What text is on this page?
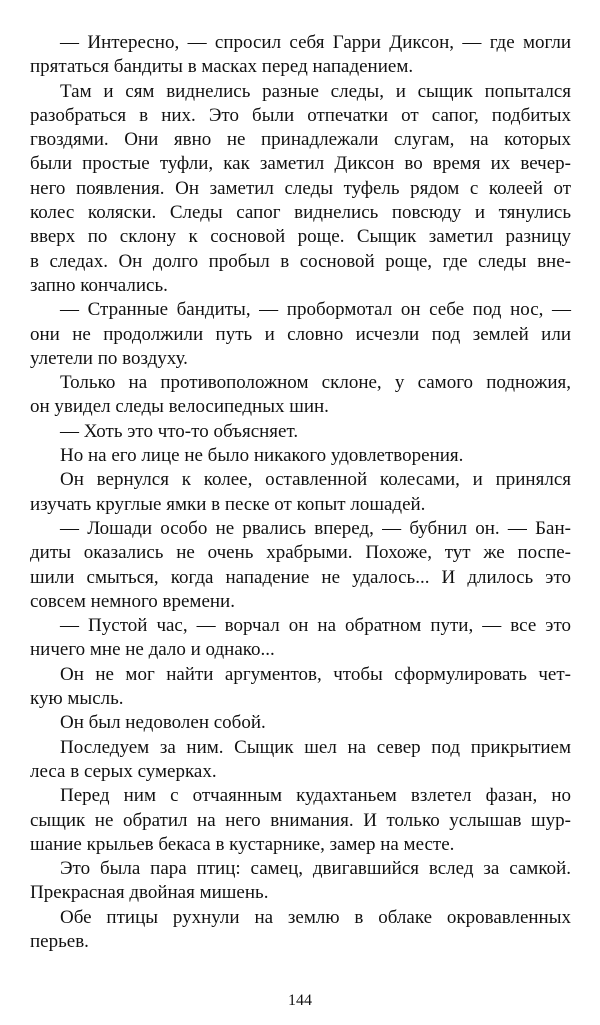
— Интересно, — спросил себя Гарри Диксон, — где могли
прятаться бандиты в масках перед нападением.

Там и сям виднелись разные следы, и сыщик попытался
разобраться в них. Это были отпечатки от сапог, подбитых
гвоздями. Они явно не принадлежали слугам, на которых
были простые туфли, как заметил Диксон во время их вечер-
него появления. Он заметил следы туфель рядом с колеей от
колес коляски. Следы сапог виднелись повсюду и тянулись
вверх по склону к сосновой роще. Сыщик заметил разницу
в следах. Он долго пробыл в сосновой роще, где следы вне-
запно кончались.

— Странные бандиты, — пробормотал он себе под нос, —
они не продолжили путь и словно исчезли под землей или
улетели по воздуху.

Только на противоположном склоне, у самого подножия,
он увидел следы велосипедных шин.

— Хоть это что-то объясняет.

Но на его лице не было никакого удовлетворения.

Он вернулся к колее, оставленной колесами, и принялся
изучать круглые ямки в песке от копыт лошадей.

— Лошади особо не рвались вперед, — бубнил он. — Бан-
диты оказались не очень храбрыми. Похоже, тут же поспе-
шили смыться, когда нападение не удалось... И длилось это
совсем немного времени.

— Пустой час, — ворчал он на обратном пути, — все это
ничего мне не дало и однако...

Он не мог найти аргументов, чтобы сформулировать чет-
кую мысль.

Он был недоволен собой.

Последуем за ним. Сыщик шел на север под прикрытием
леса в серых сумерках.

Перед ним с отчаянным кудахтаньем взлетел фазан, но
сыщик не обратил на него внимания. И только услышав шур-
шание крыльев бекаса в кустарнике, замер на месте.

Это была пара птиц: самец, двигавшийся вслед за самкой.
Прекрасная двойная мишень.

Обе птицы рухнули на землю в облаке окровавленных
перьев.

144
